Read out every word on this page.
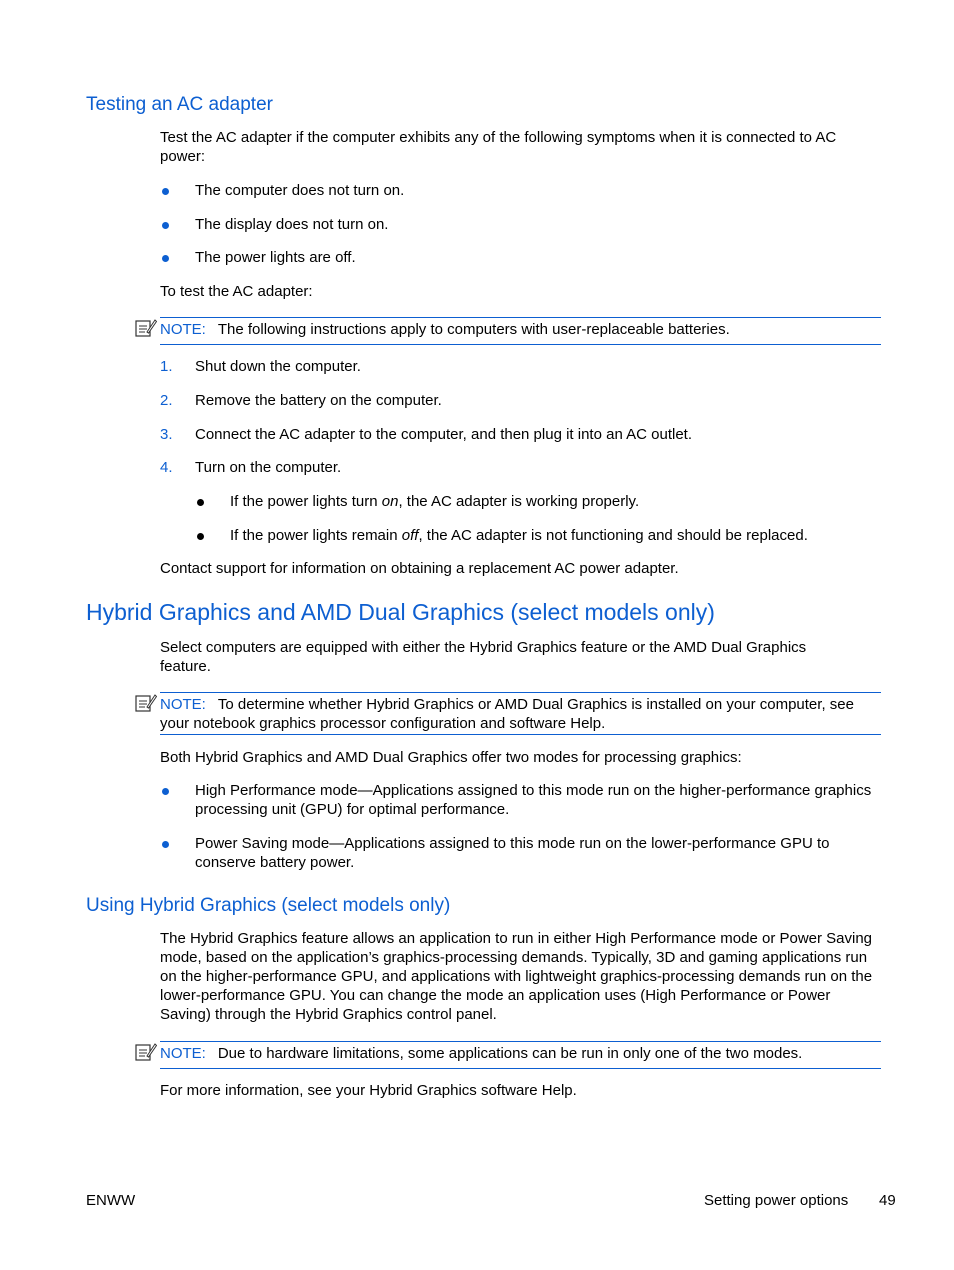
Testing an AC adapter
Test the AC adapter if the computer exhibits any of the following symptoms when it is connected to AC power:
The computer does not turn on.
The display does not turn on.
The power lights are off.
To test the AC adapter:
NOTE: The following instructions apply to computers with user-replaceable batteries.
1. Shut down the computer.
2. Remove the battery on the computer.
3. Connect the AC adapter to the computer, and then plug it into an AC outlet.
4. Turn on the computer.
If the power lights turn on, the AC adapter is working properly.
If the power lights remain off, the AC adapter is not functioning and should be replaced.
Contact support for information on obtaining a replacement AC power adapter.
Hybrid Graphics and AMD Dual Graphics (select models only)
Select computers are equipped with either the Hybrid Graphics feature or the AMD Dual Graphics feature.
NOTE: To determine whether Hybrid Graphics or AMD Dual Graphics is installed on your computer, see your notebook graphics processor configuration and software Help.
Both Hybrid Graphics and AMD Dual Graphics offer two modes for processing graphics:
High Performance mode—Applications assigned to this mode run on the higher-performance graphics processing unit (GPU) for optimal performance.
Power Saving mode—Applications assigned to this mode run on the lower-performance GPU to conserve battery power.
Using Hybrid Graphics (select models only)
The Hybrid Graphics feature allows an application to run in either High Performance mode or Power Saving mode, based on the application’s graphics-processing demands. Typically, 3D and gaming applications run on the higher-performance GPU, and applications with lightweight graphics-processing demands run on the lower-performance GPU. You can change the mode an application uses (High Performance or Power Saving) through the Hybrid Graphics control panel.
NOTE: Due to hardware limitations, some applications can be run in only one of the two modes.
For more information, see your Hybrid Graphics software Help.
ENWW	Setting power options 49
